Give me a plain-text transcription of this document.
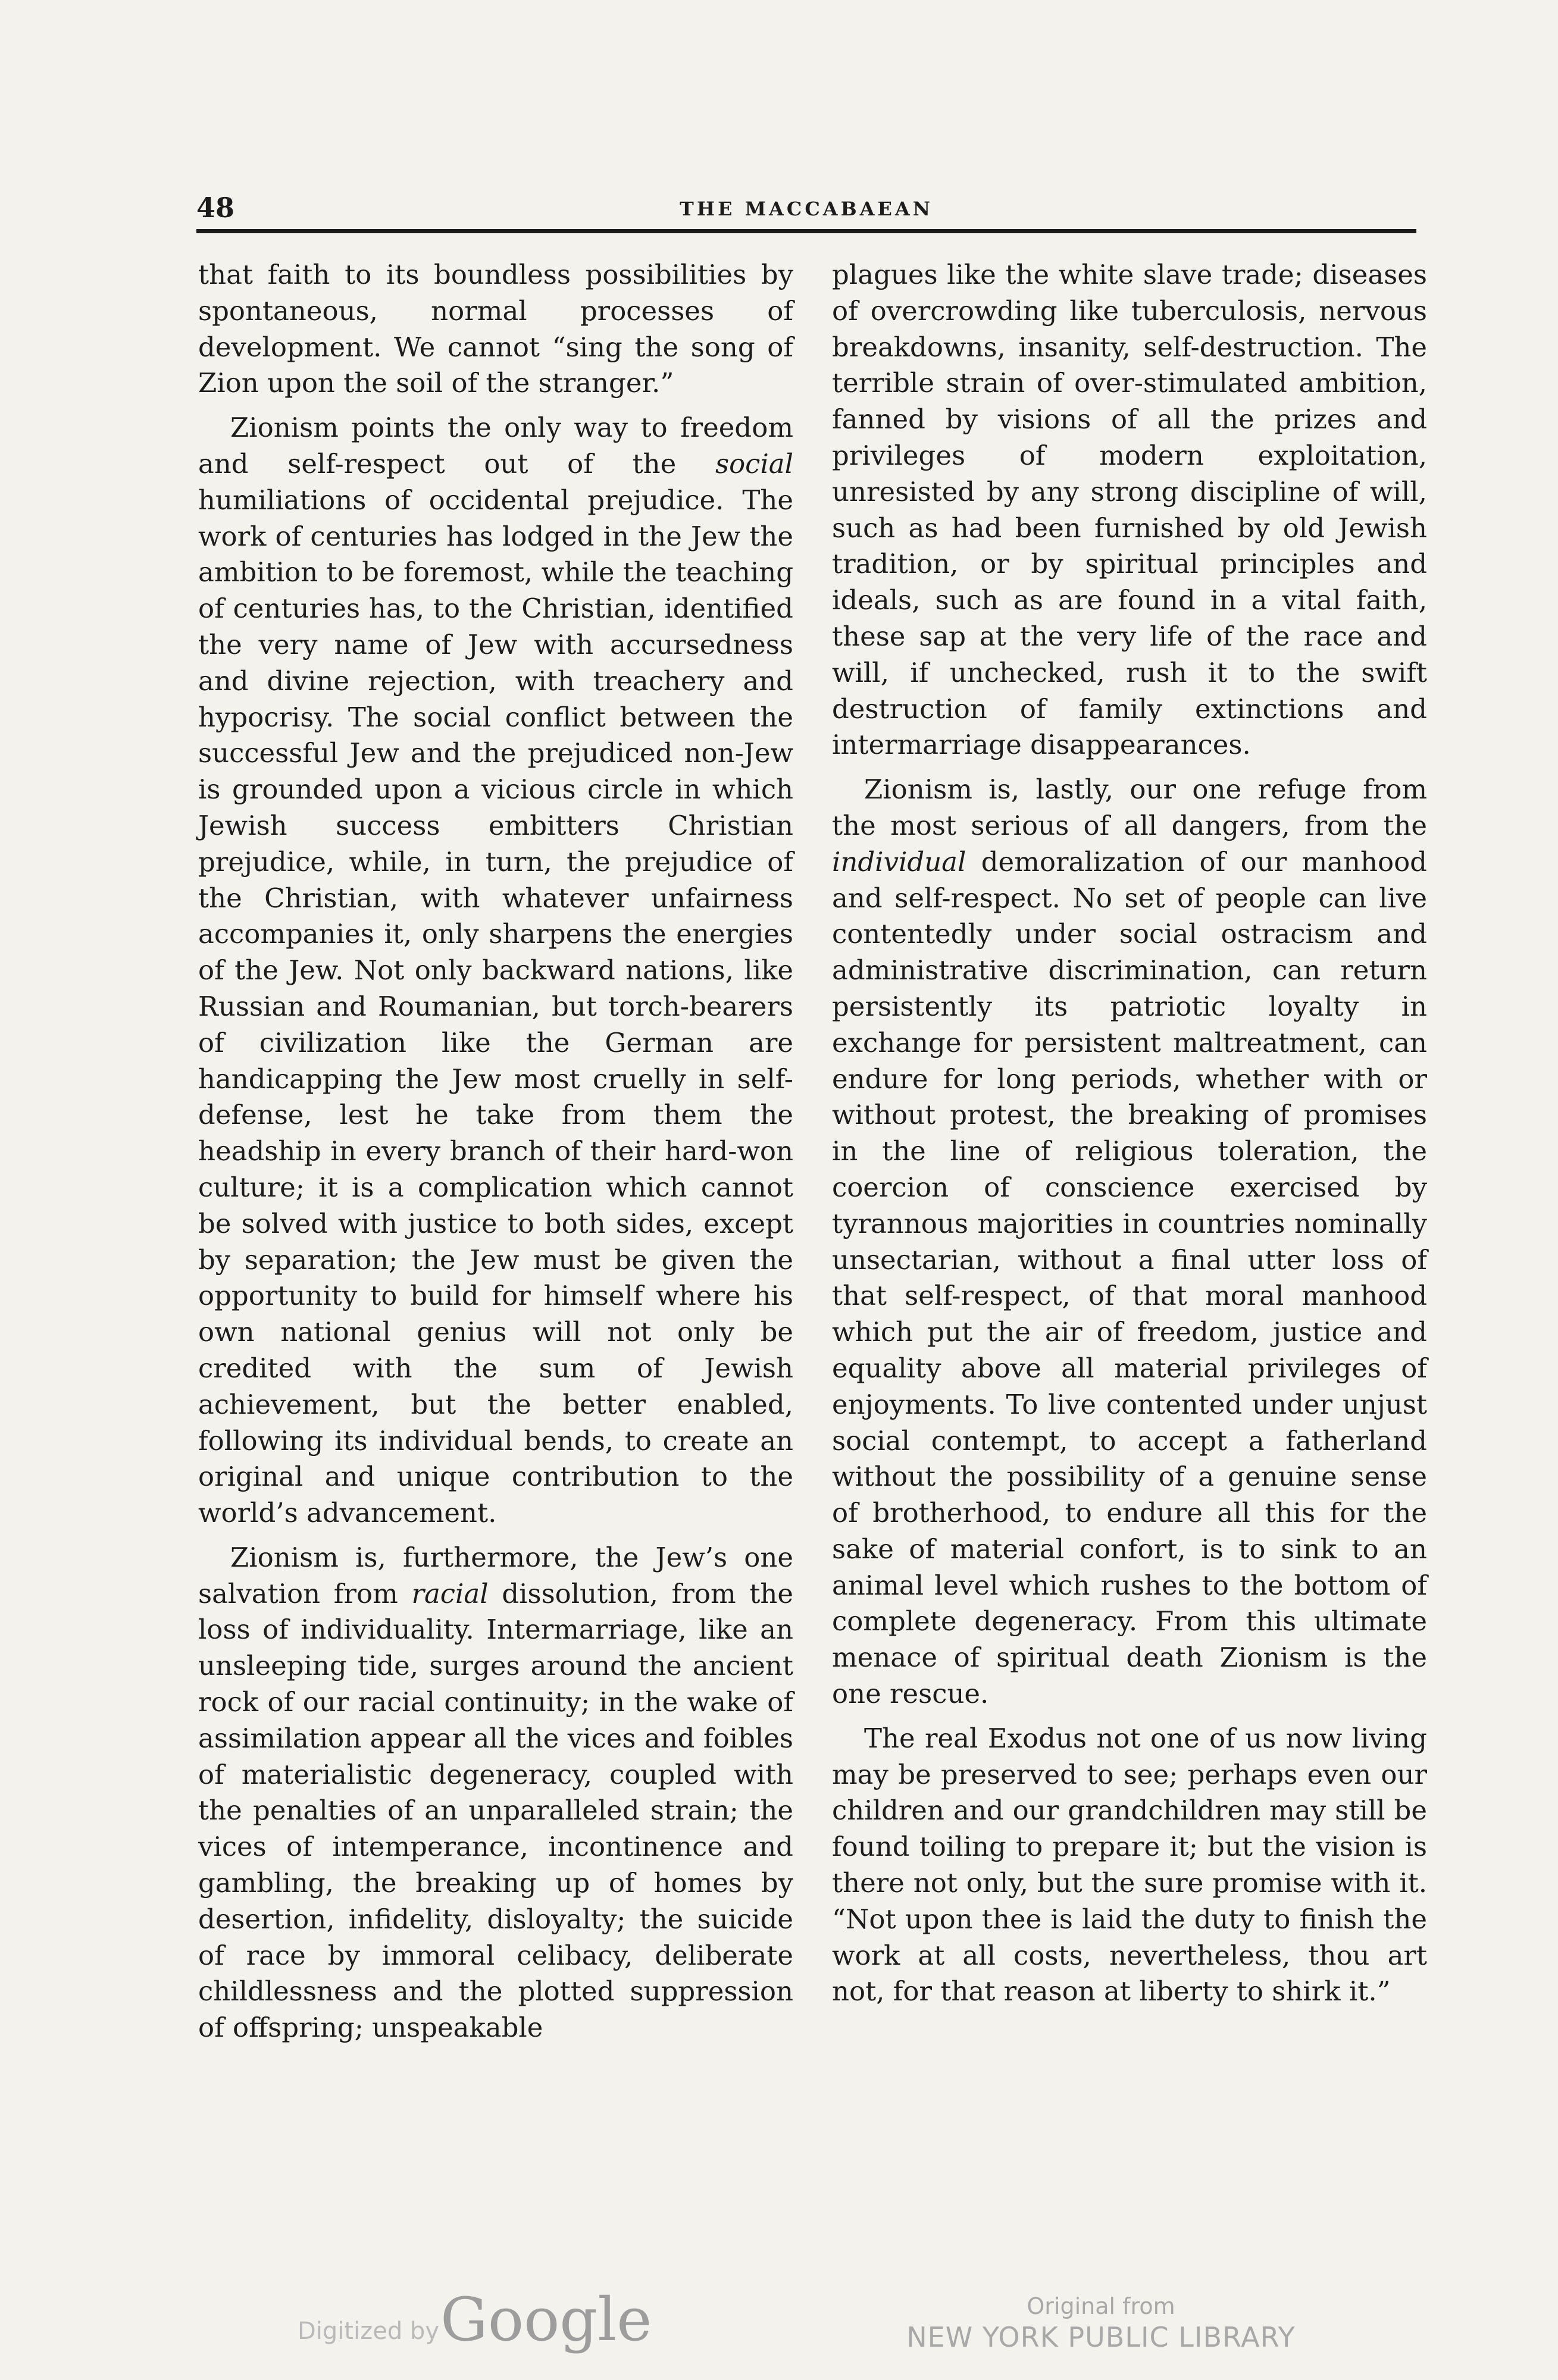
48	THE MACCABAEAN

that faith to its boundless possibilities by spontaneous, normal processes of development. We cannot “sing the song of Zion upon the soil of the stranger.”

Zionism points the only way to freedom and self-respect out of the social humiliations of occidental prejudice. The work of centuries has lodged in the Jew the ambition to be foremost, while the teaching of centuries has, to the Christian, identified the very name of Jew with accursedness and divine rejection, with treachery and hypocrisy. The social conflict between the successful Jew and the prejudiced non-Jew is grounded upon a vicious circle in which Jewish success embitters Christian prejudice, while, in turn, the prejudice of the Christian, with whatever unfairness accompanies it, only sharpens the energies of the Jew. Not only backward nations, like Russian and Roumanian, but torch-bearers of civilization like the German are handicapping the Jew most cruelly in self-defense, lest he take from them the headship in every branch of their hard-won culture; it is a complication which cannot be solved with justice to both sides, except by separation; the Jew must be given the opportunity to build for himself where his own national genius will not only be credited with the sum of Jewish achievement, but the better enabled, following its individual bends, to create an original and unique contribution to the world’s advancement.

Zionism is, furthermore, the Jew’s one salvation from racial dissolution, from the loss of individuality. Intermarriage, like an unsleeping tide, surges around the ancient rock of our racial continuity; in the wake of assimilation appear all the vices and foibles of materialistic degeneracy, coupled with the penalties of an unparalleled strain; the vices of intemperance, incontinence and gambling, the breaking up of homes by desertion, infidelity, disloyalty; the suicide of race by immoral celibacy, deliberate childlessness and the plotted suppression of offspring; unspeakable

plagues like the white slave trade; diseases of overcrowding like tuberculosis, nervous breakdowns, insanity, self-destruction. The terrible strain of over-stimulated ambition, fanned by visions of all the prizes and privileges of modern exploitation, unresisted by any strong discipline of will, such as had been furnished by old Jewish tradition, or by spiritual principles and ideals, such as are found in a vital faith, these sap at the very life of the race and will, if unchecked, rush it to the swift destruction of family extinctions and intermarriage disappearances.

Zionism is, lastly, our one refuge from the most serious of all dangers, from the individual demoralization of our manhood and self-respect. No set of people can live contentedly under social ostracism and administrative discrimination, can return persistently its patriotic loyalty in exchange for persistent maltreatment, can endure for long periods, whether with or without protest, the breaking of promises in the line of religious toleration, the coercion of conscience exercised by tyrannous majorities in countries nominally unsectarian, without a final utter loss of that self-respect, of that moral manhood which put the air of freedom, justice and equality above all material privileges of enjoyments. To live contented under unjust social contempt, to accept a fatherland without the possibility of a genuine sense of brotherhood, to endure all this for the sake of material confort, is to sink to an animal level which rushes to the bottom of complete degeneracy. From this ultimate menace of spiritual death Zionism is the one rescue.

The real Exodus not one of us now living may be preserved to see; perhaps even our children and our grandchildren may still be found toiling to prepare it; but the vision is there not only, but the sure promise with it. “Not upon thee is laid the duty to finish the work at all costs, nevertheless, thou art not, for that reason at liberty to shirk it.”

Digitized by Google	Original from
NEW YORK PUBLIC LIBRARY
